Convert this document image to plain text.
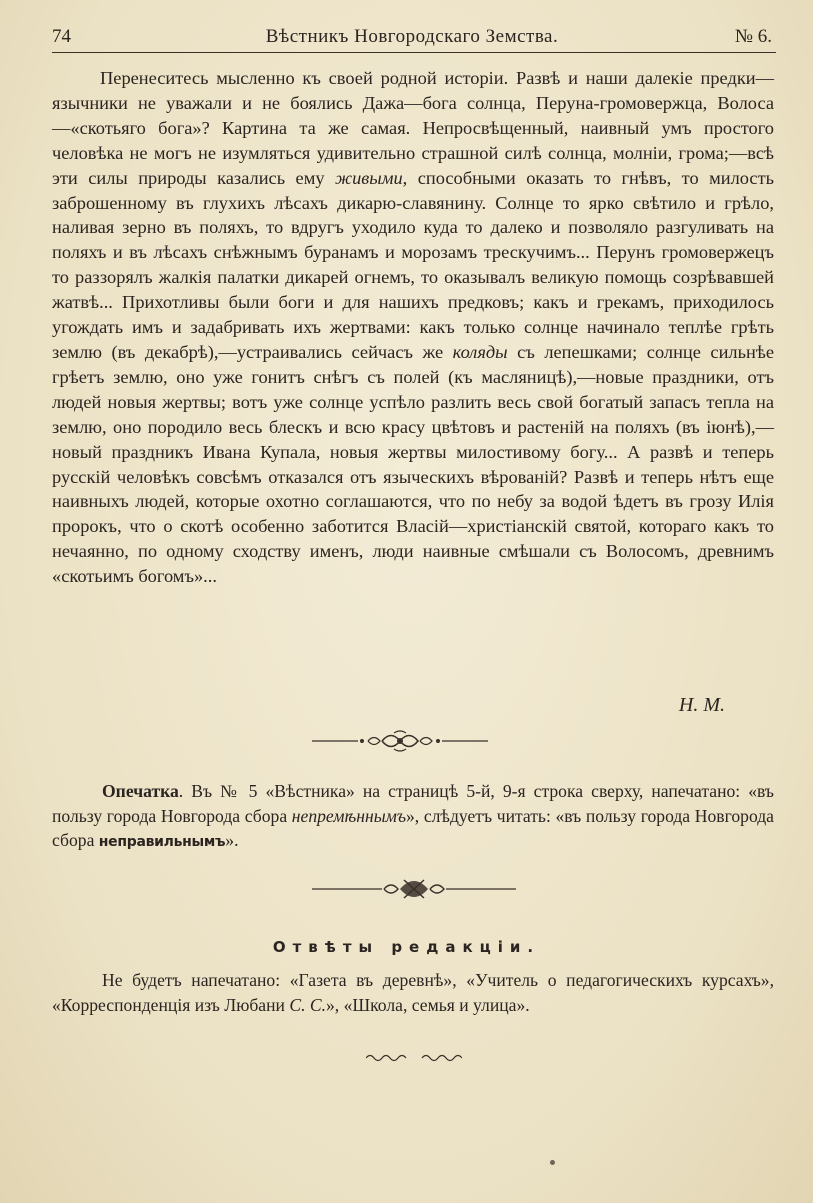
74	Вѣстникъ Новгородскаго Земства.	№ 6.
Перенеситесь мысленно къ своей родной исторіи. Развѣ и наши далекіе предки—язычники не уважали и не боялись Дажа—бога солнца, Перуна-громовержца, Волоса—«скотьяго бога»? Картина та же самая. Непросвѣщенный, наивный умъ простого человѣка не могъ не изумляться удивительно страшной силѣ солнца, молніи, грома;—всѣ эти силы природы казались ему живыми, способными оказать то гнѣвъ, то милость заброшенному въ глухихъ лѣсахъ дикарю-славянину. Солнце то ярко свѣтило и грѣло, наливая зерно въ поляхъ, то вдругъ уходило куда то далеко и позволяло разгуливать на поляхъ и въ лѣсахъ снѣжнымъ буранамъ и морозамъ трескучимъ... Перунъ громовержецъ то раззорялъ жалкія палатки дикарей огнемъ, то оказывалъ великую помощь созрѣвавшей жатвѣ... Прихотливы были боги и для нашихъ предковъ; какъ и грекамъ, приходилось угождать имъ и задабривать ихъ жертвами: какъ только солнце начинало теплѣе грѣть землю (въ декабрѣ),—устраивались сейчасъ же коляды съ лепешками; солнце сильнѣе грѣетъ землю, оно уже гонитъ снѣгъ съ полей (къ масляницѣ),—новые праздники, отъ людей новыя жертвы; вотъ уже солнце успѣло разлить весь свой богатый запасъ тепла на землю, оно породило весь блескъ и всю красу цвѣтовъ и растеній на поляхъ (въ іюнѣ),—новый праздникъ Ивана Купала, новыя жертвы милостивому богу... А развѣ и теперь русскій человѣкъ совсѣмъ отказался отъ языческихъ вѣрованій? Развѣ и теперь нѣтъ еще наивныхъ людей, которые охотно соглашаются, что по небу за водой ѣдетъ въ грозу Илія пророкъ, что о скотѣ особенно заботится Власій—христіанскій святой, котораго какъ то нечаянно, по одному сходству именъ, люди наивные смѣшали съ Волосомъ, древнимъ «скотьимъ богомъ»...
Н. М.
Опечатка. Въ № 5 «Вѣстника» на страницѣ 5-й, 9-я строка сверху, напечатано: «въ пользу города Новгорода сбора непремѣннымъ», слѣдуетъ читать: «въ пользу города Новгорода сбора неправильнымъ».
Отвѣты редакціи.
Не будетъ напечатано: «Газета въ деревнѣ», «Учитель о педагогическихъ курсахъ», «Корреспонденція изъ Любани С. С.», «Школа, семья и улица».
